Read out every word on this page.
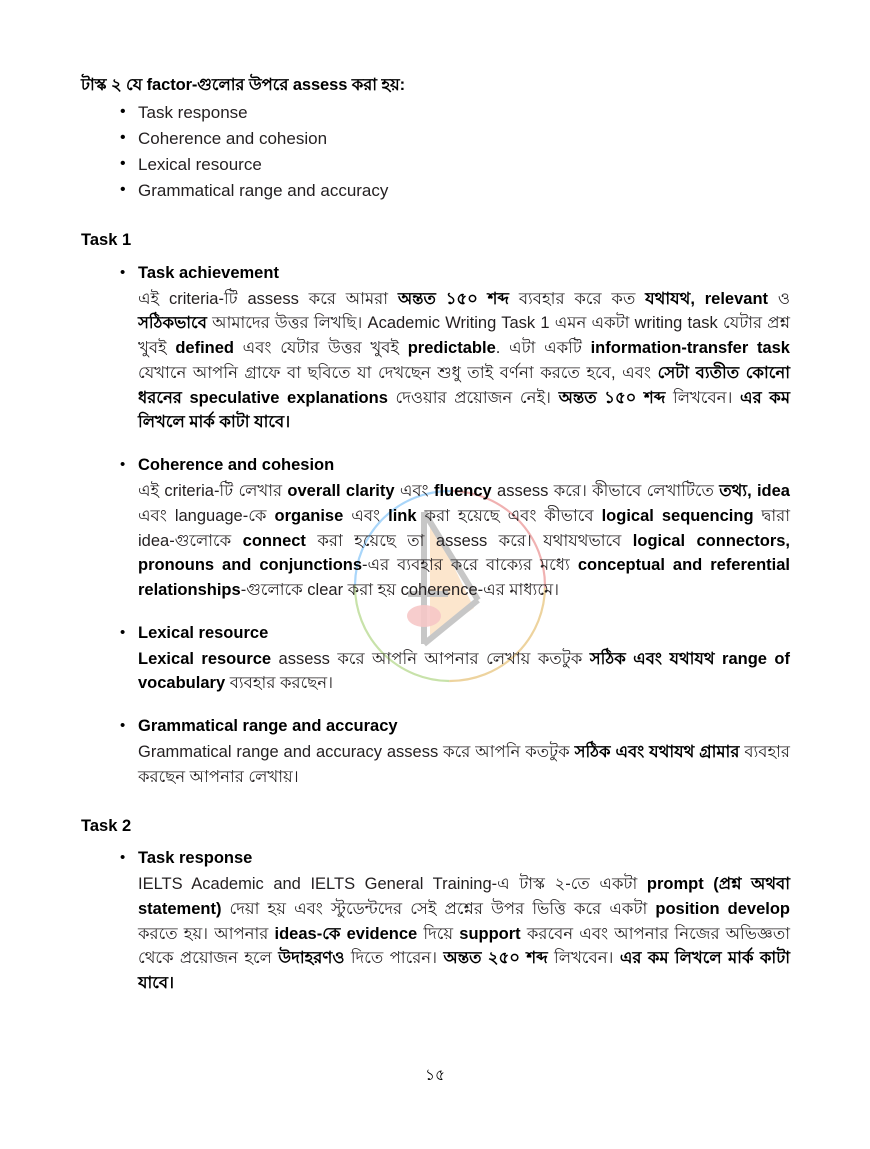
টাস্ক ২ যে factor-গুলোর উপরে assess করা হয়:
• Task response
• Coherence and cohesion
• Lexical resource
• Grammatical range and accuracy
Task 1
• Task achievement
এই criteria-টি assess করে আমরা অন্তত ১৫০ শব্দ ব্যবহার করে কত যথাযথ, relevant ও সঠিকভাবে আমাদের উত্তর লিখছি। Academic Writing Task 1 এমন একটা writing task যেটার প্রশ্ন খুবই defined এবং যেটার উত্তর খুবই predictable. এটা একটি information-transfer task যেখানে আপনি গ্রাফে বা ছবিতে যা দেখছেন শুধু তাই বর্ণনা করতে হবে, এবং সেটা ব্যতীত কোনো ধরনের speculative explanations দেওয়ার প্রয়োজন নেই। অন্তত ১৫০ শব্দ লিখবেন। এর কম লিখলে মার্ক কাটা যাবে।
• Coherence and cohesion
এই criteria-টি লেখার overall clarity এবং fluency assess করে। কীভাবে লেখাটিতে তথ্য, idea এবং language-কে organise এবং link করা হয়েছে এবং কীভাবে logical sequencing দ্বারা idea-গুলোকে connect করা হয়েছে তা assess করে। যথাযথভাবে logical connectors, pronouns and conjunctions-এর ব্যবহার করে বাক্যের মধ্যে conceptual and referential relationships-গুলোকে clear করা হয় coherence-এর মাধ্যমে।
• Lexical resource
Lexical resource assess করে আপনি আপনার লেখায় কতটুক সঠিক এবং যথাযথ range of vocabulary ব্যবহার করছেন।
• Grammatical range and accuracy
Grammatical range and accuracy assess করে আপনি কতটুক সঠিক এবং যথাযথ গ্রামার ব্যবহার করছেন আপনার লেখায়।
Task 2
• Task response
IELTS Academic and IELTS General Training-এ টাস্ক ২-তে একটা prompt (প্রশ্ন অথবা statement) দেয়া হয় এবং স্টুডেন্টদের সেই প্রশ্নের উপর ভিত্তি করে একটা position develop করতে হয়। আপনার ideas-কে evidence দিয়ে support করবেন এবং আপনার নিজের অভিজ্ঞতা থেকে প্রয়োজন হলে উদাহরণও দিতে পারেন। অন্তত ২৫০ শব্দ লিখবেন। এর কম লিখলে মার্ক কাটা যাবে।
১৫
